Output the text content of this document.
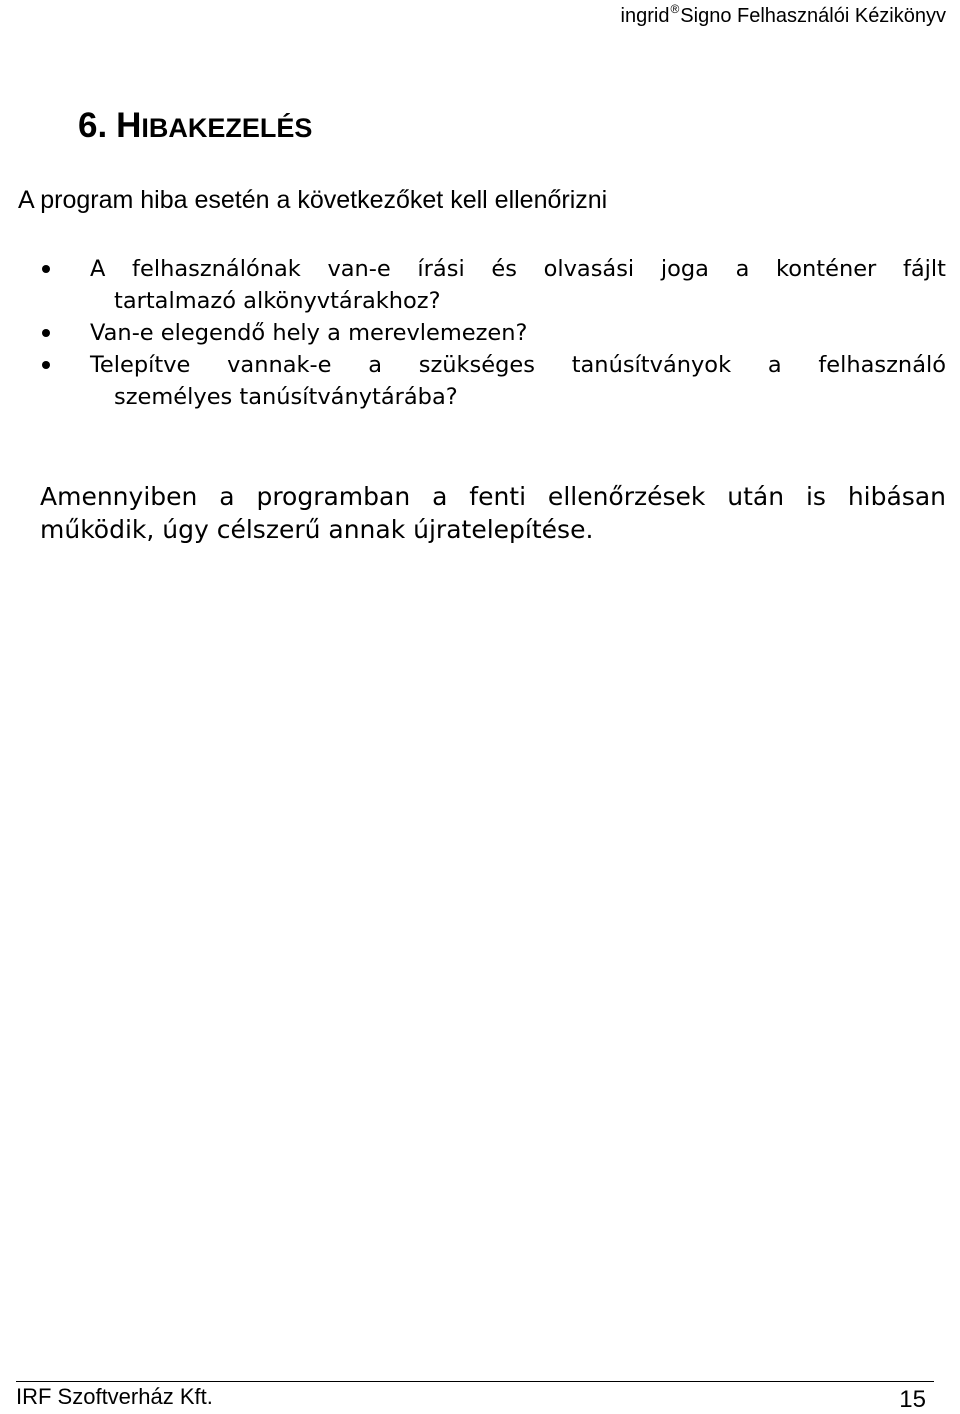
ingrid®Signo Felhasználói Kézikönyv
6. HIBAKEZELÉS

A program hiba esetén a következőket kell ellenőrizni

A felhasználónak van-e írási és olvasási joga a konténer fájlt
tartalmazó alkönyvtárakhoz?
Van-e elegendő hely a merevlemezen?
Telepítve vannak-e a szükséges tanúsítványok a felhasználó
személyes tanúsítványtárába?

Amennyiben a programban a fenti ellenőrzések után is hibásan
működik, úgy célszerű annak újratelepítése.

IRF Szoftverház Kft.	15
